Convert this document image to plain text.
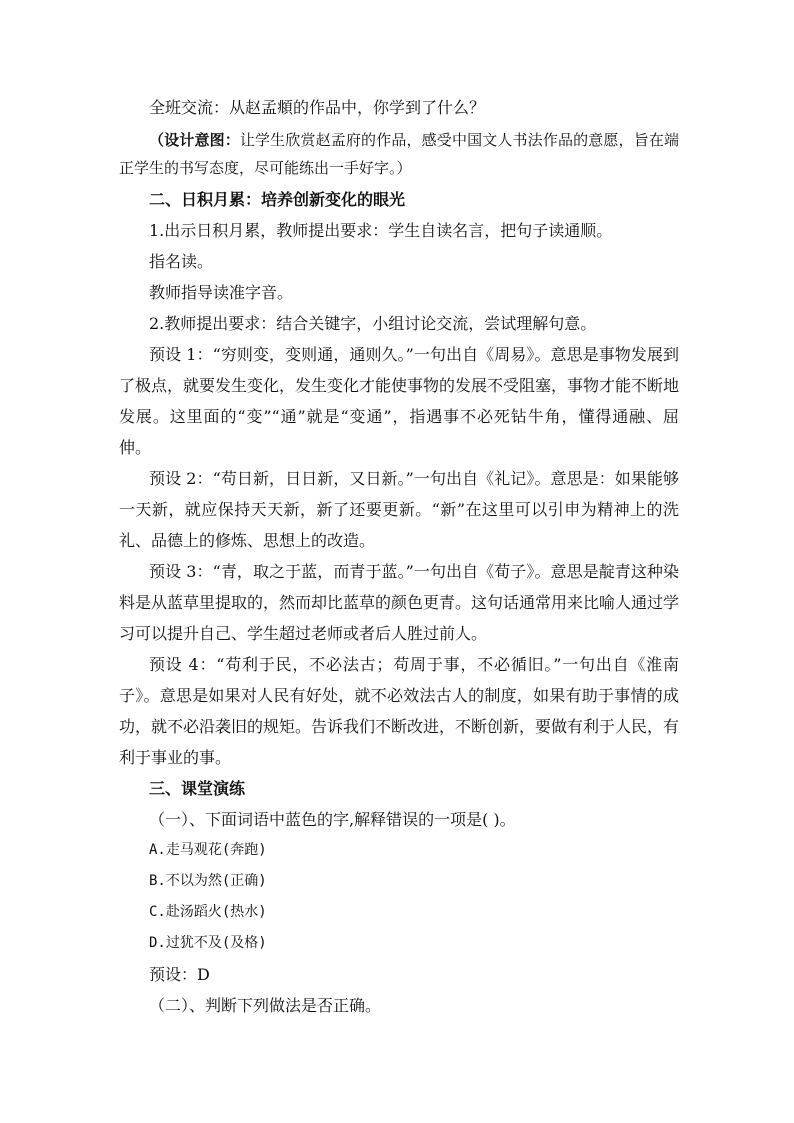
全班交流：从赵孟頫的作品中，你学到了什么？

（设计意图：让学生欣赏赵孟府的作品，感受中国文人书法作品的意愿，旨在端正学生的书写态度，尽可能练出一手好字。）

二、日积月累：培养创新变化的眼光

1.出示日积月累，教师提出要求：学生自读名言，把句子读通顺。

指名读。

教师指导读准字音。

2.教师提出要求：结合关键字，小组讨论交流，尝试理解句意。

预设 1：“穷则变，变则通，通则久。”一句出自《周易》。意思是事物发展到了极点，就要发生变化，发生变化才能使事物的发展不受阻塞，事物才能不断地发展。这里面的“变”“通”就是“变通”，指遇事不必死钻牛角，懂得通融、屈伸。

预设 2：“苟日新，日日新，又日新。”一句出自《礼记》。意思是：如果能够一天新，就应保持天天新，新了还要更新。“新”在这里可以引申为精神上的洗礼、品德上的修炼、思想上的改造。

预设 3：“青，取之于蓝，而青于蓝。”一句出自《荀子》。意思是靛青这种染料是从蓝草里提取的，然而却比蓝草的颜色更青。这句话通常用来比喻人通过学习可以提升自己、学生超过老师或者后人胜过前人。

预设 4：“苟利于民，不必法古；苟周于事，不必循旧。”一句出自《淮南子》。意思是如果对人民有好处，就不必效法古人的制度，如果有助于事情的成功，就不必沿袭旧的规矩。告诉我们不断改进，不断创新，要做有利于人民，有利于事业的事。

三、课堂演练

（一）、下面词语中蓝色的字,解释错误的一项是( )。

A.走马观花(奔跑)

B.不以为然(正确)

C.赴汤蹈火(热水)

D.过犹不及(及格)

预设：D

（二）、判断下列做法是否正确。
